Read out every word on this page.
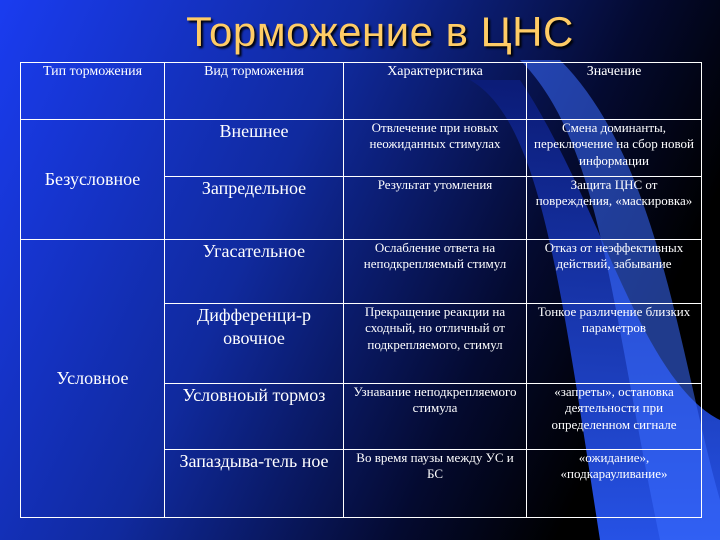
Торможение в ЦНС
Тип торможения	Вид торможения	Характеристика	Значение
Безусловное	Внешнее	Отвлечение при новых неожиданных стимулах	Смена доминанты, переключение на сбор новой информации
	Запредельное	Результат утомления	Защита ЦНС от повреждения, «маскировка»
Условное	Угасательное	Ослабление ответа на неподкрепляемый стимул	Отказ от неэффективных действий, забывание
	Дифференци-р овочное	Прекращение реакции на сходный, но отличный от подкрепляемого, стимул	Тонкое различение близких параметров
	Условноый тормоз	Узнавание неподкрепляемого стимула	«запреты», остановка деятельности при определенном сигнале
	Запаздыва-тель ное	Во время паузы между УС и БС	«ожидание», «подкарауливание»
